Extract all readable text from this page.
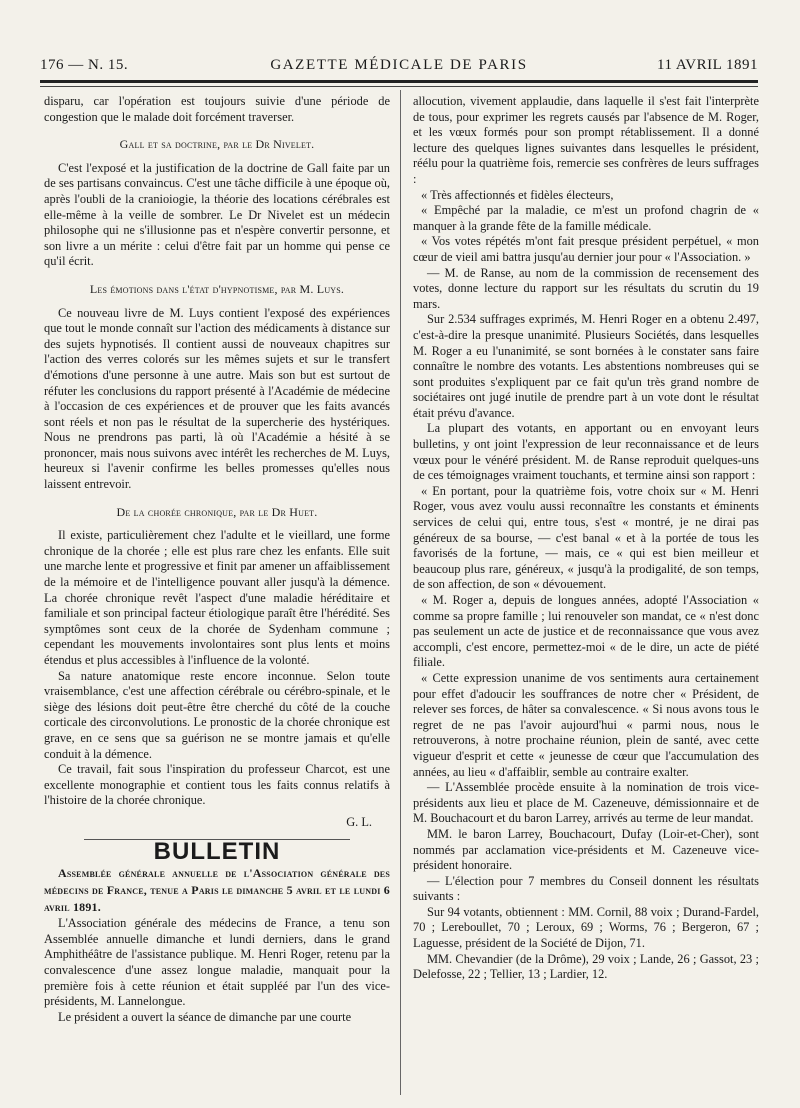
176 — N. 15.	GAZETTE MÉDICALE DE PARIS	11 AVRIL 1891

disparu, car l'opération est toujours suivie d'une période de congestion que le malade doit forcément traverser.

Gall et sa doctrine, par le Dr Nivelet.

C'est l'exposé et la justification de la doctrine de Gall faite par un de ses partisans convaincus. C'est une tâche difficile à une époque où, après l'oubli de la cranioiogie, la théorie des locations cérébrales est elle-même à la veille de sombrer. Le Dr Nivelet est un médecin philosophe qui ne s'illusionne pas et n'espère convertir personne, et son livre a un mérite : celui d'être fait par un homme qui pense ce qu'il écrit.

Les émotions dans l'état d'hypnotisme, par M. Luys.

Ce nouveau livre de M. Luys contient l'exposé des expériences que tout le monde connaît sur l'action des médicaments à distance sur des sujets hypnotisés. Il contient aussi de nouveaux chapitres sur l'action des verres colorés sur les mêmes sujets et sur le transfert d'émotions d'une personne à une autre. Mais son but est surtout de réfuter les conclusions du rapport présenté à l'Académie de médecine à l'occasion de ces expériences et de prouver que les faits avancés sont réels et non pas le résultat de la supercherie des hystériques. Nous ne prendrons pas parti, là où l'Académie a hésité à se prononcer, mais nous suivons avec intérêt les recherches de M. Luys, heureux si l'avenir confirme les belles promesses qu'elles nous laissent entrevoir.

De la chorée chronique, par le Dr Huet.

Il existe, particulièrement chez l'adulte et le vieillard, une forme chronique de la chorée ; elle est plus rare chez les enfants. Elle suit une marche lente et progressive et finit par amener un affaiblissement de la mémoire et de l'intelligence pouvant aller jusqu'à la démence. La chorée chronique revêt l'aspect d'une maladie héréditaire et familiale et son principal facteur étiologique paraît être l'hérédité. Ses symptômes sont ceux de la chorée de Sydenham commune ; cependant les mouvements involontaires sont plus lents et moins étendus et plus accessibles à l'influence de la volonté.

Sa nature anatomique reste encore inconnue. Selon toute vraisemblance, c'est une affection cérébrale ou cérébro-spinale, et le siège des lésions doit peut-être être cherché du côté de la couche corticale des circonvolutions. Le pronostic de la chorée chronique est grave, en ce sens que sa guérison ne se montre jamais et qu'elle conduit à la démence.

Ce travail, fait sous l'inspiration du professeur Charcot, est une excellente monographie et contient tous les faits connus relatifs à l'histoire de la chorée chronique.

G. L.

BULLETIN

Assemblée générale annuelle de l'Association générale des médecins de France, tenue a Paris le dimanche 5 avril et le lundi 6 avril 1891.

L'Association générale des médecins de France, a tenu son Assemblée annuelle dimanche et lundi derniers, dans le grand Amphithéâtre de l'assistance publique. M. Henri Roger, retenu par la convalescence d'une assez longue maladie, manquait pour la première fois à cette réunion et était suppléé par l'un des vice-présidents, M. Lannelongue.

Le président a ouvert la séance de dimanche par une courte

allocution, vivement applaudie, dans laquelle il s'est fait l'interprète de tous, pour exprimer les regrets causés par l'absence de M. Roger, et les vœux formés pour son prompt rétablissement. Il a donné lecture des quelques lignes suivantes dans lesquelles le président, réélu pour la quatrième fois, remercie ses confrères de leurs suffrages :

« Très affectionnés et fidèles électeurs,

« Empêché par la maladie, ce m'est un profond chagrin de « manquer à la grande fête de la famille médicale.

« Vos votes répétés m'ont fait presque président perpétuel, « mon cœur de vieil ami battra jusqu'au dernier jour pour « l'Association. »

— M. de Ranse, au nom de la commission de recensement des votes, donne lecture du rapport sur les résultats du scrutin du 19 mars.

Sur 2.534 suffrages exprimés, M. Henri Roger en a obtenu 2.497, c'est-à-dire la presque unanimité. Plusieurs Sociétés, dans lesquelles M. Roger a eu l'unanimité, se sont bornées à le constater sans faire connaître le nombre des votants. Les abstentions nombreuses qui se sont produites s'expliquent par ce fait qu'un très grand nombre de sociétaires ont jugé inutile de prendre part à un vote dont le résultat était prévu d'avance.

La plupart des votants, en apportant ou en envoyant leurs bulletins, y ont joint l'expression de leur reconnaissance et de leurs vœux pour le vénéré président. M. de Ranse reproduit quelques-uns de ces témoignages vraiment touchants, et termine ainsi son rapport :

« En portant, pour la quatrième fois, votre choix sur « M. Henri Roger, vous avez voulu aussi reconnaître les constants et éminents services de celui qui, entre tous, s'est « montré, je ne dirai pas généreux de sa bourse, — c'est banal « et à la portée de tous les favorisés de la fortune, — mais, ce « qui est bien meilleur et beaucoup plus rare, généreux, « jusqu'à la prodigalité, de son temps, de son affection, de son « dévouement.

« M. Roger a, depuis de longues années, adopté l'Association « comme sa propre famille ; lui renouveler son mandat, ce « n'est donc pas seulement un acte de justice et de reconnaissance que vous avez accompli, c'est encore, permettez-moi « de le dire, un acte de piété filiale.

« Cette expression unanime de vos sentiments aura certainement pour effet d'adoucir les souffrances de notre cher « Président, de relever ses forces, de hâter sa convalescence. « Si nous avons tous le regret de ne pas l'avoir aujourd'hui « parmi nous, nous le retrouverons, à notre prochaine réunion, plein de santé, avec cette vigueur d'esprit et cette « jeunesse de cœur que l'accumulation des années, au lieu « d'affaiblir, semble au contraire exalter.

— L'Assemblée procède ensuite à la nomination de trois vice-présidents aux lieu et place de M. Cazeneuve, démissionnaire et de M. Bouchacourt et du baron Larrey, arrivés au terme de leur mandat.

MM. le baron Larrey, Bouchacourt, Dufay (Loir-et-Cher), sont nommés par acclamation vice-présidents et M. Cazeneuve vice-président honoraire.

— L'élection pour 7 membres du Conseil donnent les résultats suivants :

Sur 94 votants, obtiennent : MM. Cornil, 88 voix ; Durand-Fardel, 70 ; Lereboullet, 70 ; Leroux, 69 ; Worms, 76 ; Bergeron, 67 ; Laguesse, président de la Société de Dijon, 71.

MM. Chevandier (de la Drôme), 29 voix ; Lande, 26 ; Gassot, 23 ; Delefosse, 22 ; Tellier, 13 ; Lardier, 12.
